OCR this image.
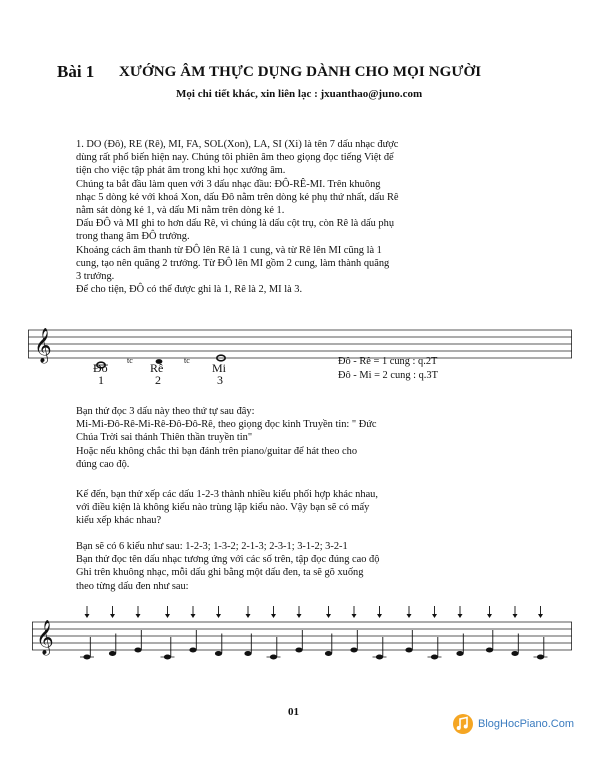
Bài 1 XƯỚNG ÂM THỰC DỤNG DÀNH CHO MỌI NGƯỜI
Mọi chi tiết khác, xin liên lạc : jxuanthao@juno.com
1. DO (Đô), RE (Rê), MI, FA, SOL(Xon), LA, SI (Xi) là tên 7 dấu nhạc được
dùng rất phổ biến hiện nay. Chúng tôi phiên âm theo giọng đọc tiếng Việt để
tiện cho việc tập phát âm trong khi học xướng âm.
Chúng ta bắt đầu làm quen với 3 dấu nhạc đầu: ĐÔ-RÊ-MI. Trên khuông
nhạc 5 dòng kẻ với khoá Xon, dấu Đô nằm trên dòng kẻ phụ thứ nhất, dấu Rê
nằm sát dòng kẻ 1, và dấu Mi nằm trên dòng kẻ 1.
Dấu ĐÔ và MI ghi to hơn dấu Rê, vì chúng là dấu cột trụ, còn Rê là dấu phụ
trong thang âm ĐÔ trưởng.
Khoảng cách âm thanh từ ĐÔ lên Rê là 1 cung, và từ Rê lên MI cũng là 1
cung, tạo nên quãng 2 trưởng. Từ ĐÔ lên MI gồm 2 cung, làm thành quãng
3 trưởng.
Để cho tiện, ĐÔ có thể được ghi là 1, Rê là 2, MI là 3.
𝄞	tc	tc
Đô	Rê	Mi
1	2	3
Đô - Rê = 1 cung : q.2T
Đô - Mi = 2 cung : q.3T
Bạn thử đọc 3 dấu này theo thứ tự sau đây:
Mi-Mi-Đô-Rê-Mi-Rê-Đô-Đô-Rê, theo giọng đọc kinh Truyền tin: " Đức
Chúa Trời sai thánh Thiên thần truyền tin"
Hoặc nếu không chắc thì bạn đánh trên piano/guitar để hát theo cho
đúng cao độ.
Kế đến, bạn thử xếp các dấu 1-2-3 thành nhiều kiểu phối hợp khác nhau,
với điều kiện là không kiểu nào trùng lặp kiểu nào. Vậy bạn sẽ có mấy
kiểu xếp khác nhau?
Bạn sẽ có 6 kiểu như sau: 1-2-3; 1-3-2; 2-1-3; 2-3-1; 3-1-2; 3-2-1
Bạn thử đọc tên dấu nhạc tương ứng với các số trên, tập đọc đúng cao độ
Ghi trên khuông nhạc, mỗi dấu ghi bằng một dấu đen, ta sẽ gõ xuống
theo từng dấu đen như sau:
𝄞
01
BlogHocPiano.Com
